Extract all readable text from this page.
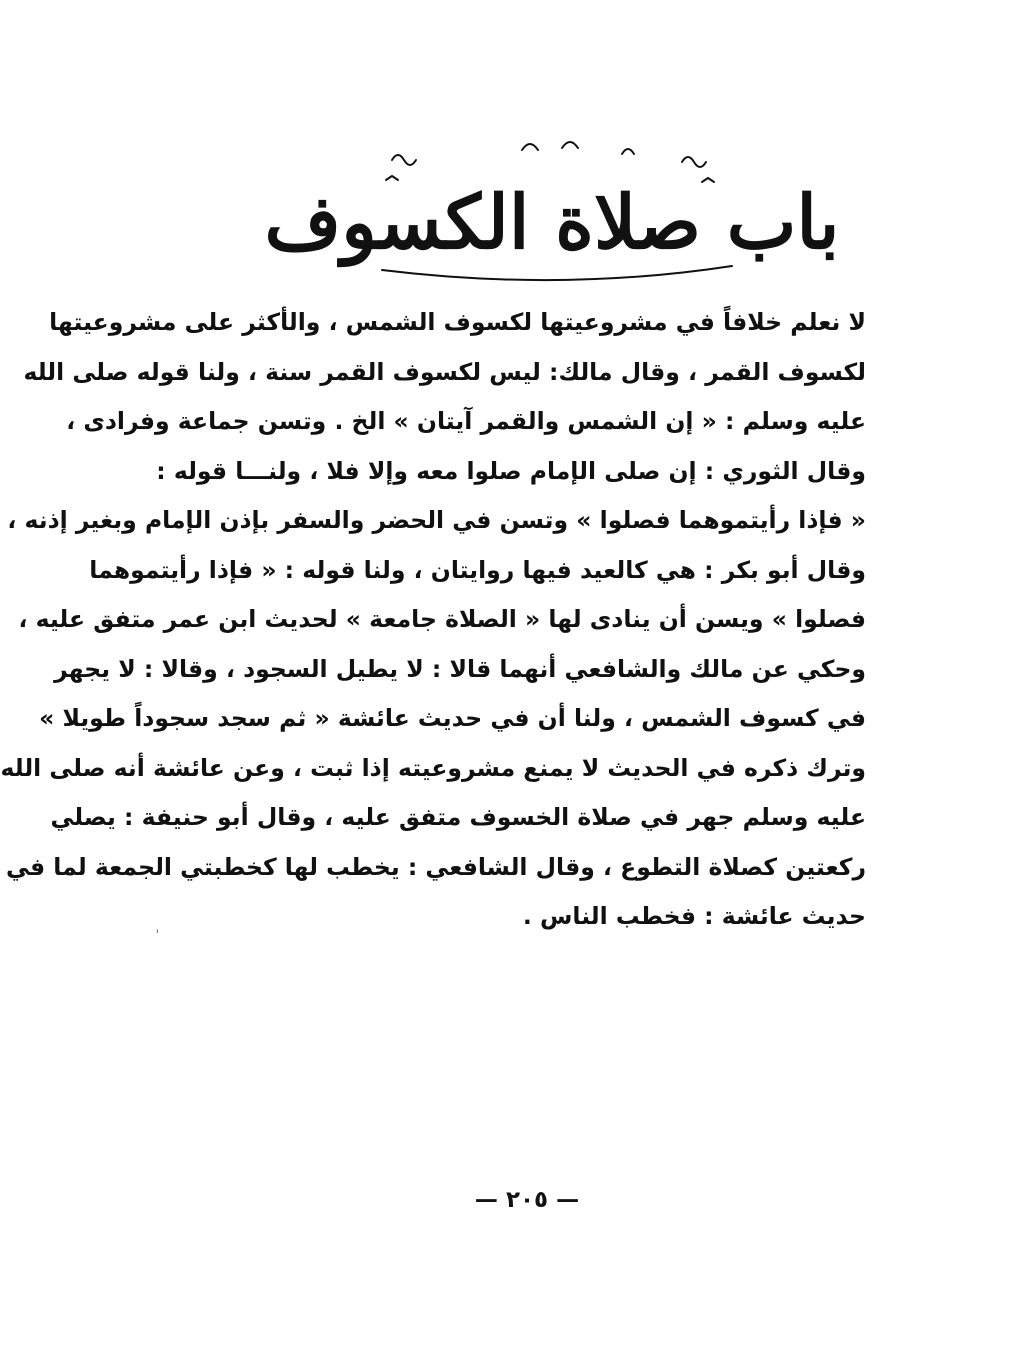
باب صلاة الكسوف
لا نعلم خلافاً في مشروعيتها لكسوف الشمس ، والأكثر على مشروعيتها
لكسوف القمر ، وقال مالك: ليس لكسوف القمر سنة ، ولنا قوله صلى الله
عليه وسلم : « إن الشمس والقمر آيتان » الخ . وتسن جماعة وفرادى ،
وقال الثوري : إن صلى الإمام صلوا معه وإلا فلا ، ولنـــا قوله :
« فإذا رأيتموهما فصلوا » وتسن في الحضر والسفر بإذن الإمام وبغير إذنه ،
وقال أبو بكر : هي كالعيد فيها روايتان ، ولنا قوله : « فإذا رأيتموهما
فصلوا » ويسن أن ينادى لها « الصلاة جامعة » لحديث ابن عمر متفق عليه ،
وحكي عن مالك والشافعي أنهما قالا : لا يطيل السجود ، وقالا : لا يجهر
في كسوف الشمس ، ولنا أن في حديث عائشة « ثم سجد سجوداً طويلا »
وترك ذكره في الحديث لا يمنع مشروعيته إذا ثبت ، وعن عائشة أنه صلى الله
عليه وسلم جهر في صلاة الخسوف متفق عليه ، وقال أبو حنيفة : يصلي
ركعتين كصلاة التطوع ، وقال الشافعي : يخطب لها كخطبتي الجمعة لما في
حديث عائشة : فخطب الناس .
— ٢٠٥ —
